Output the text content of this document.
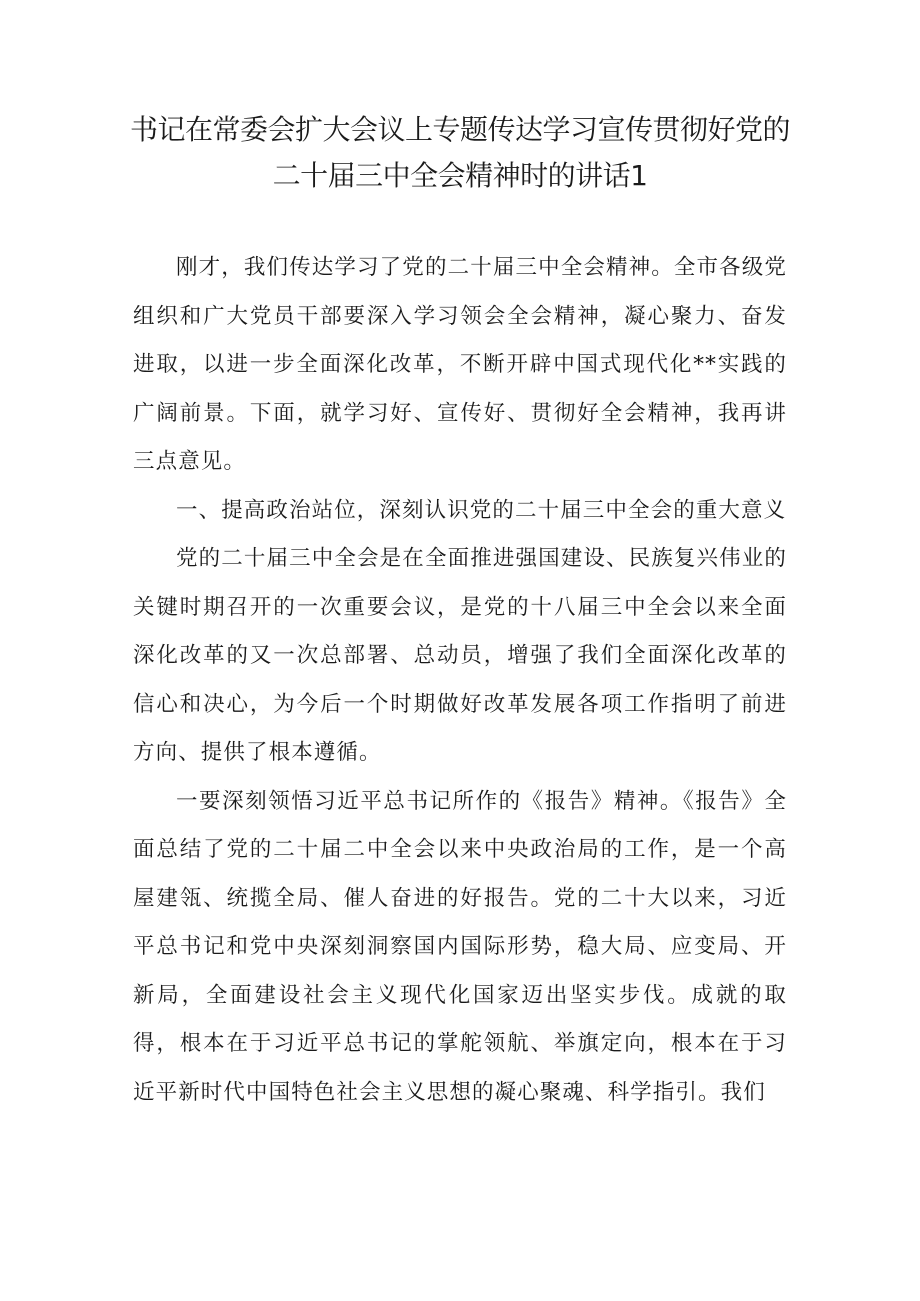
书记在常委会扩大会议上专题传达学习宣传贯彻好党的
二十届三中全会精神时的讲话1

刚才，我们传达学习了党的二十届三中全会精神。全市各级党组织和广大党员干部要深入学习领会全会精神，凝心聚力、奋发进取，以进一步全面深化改革，不断开辟中国式现代化**实践的广阔前景。下面，就学习好、宣传好、贯彻好全会精神，我再讲三点意见。

一、提高政治站位，深刻认识党的二十届三中全会的重大意义

党的二十届三中全会是在全面推进强国建设、民族复兴伟业的关键时期召开的一次重要会议，是党的十八届三中全会以来全面深化改革的又一次总部署、总动员，增强了我们全面深化改革的信心和决心，为今后一个时期做好改革发展各项工作指明了前进方向、提供了根本遵循。

一要深刻领悟习近平总书记所作的《报告》精神。《报告》全面总结了党的二十届二中全会以来中央政治局的工作，是一个高屋建瓴、统揽全局、催人奋进的好报告。党的二十大以来，习近平总书记和党中央深刻洞察国内国际形势，稳大局、应变局、开新局，全面建设社会主义现代化国家迈出坚实步伐。成就的取得，根本在于习近平总书记的掌舵领航、举旗定向，根本在于习近平新时代中国特色社会主义思想的凝心聚魂、科学指引。我们
